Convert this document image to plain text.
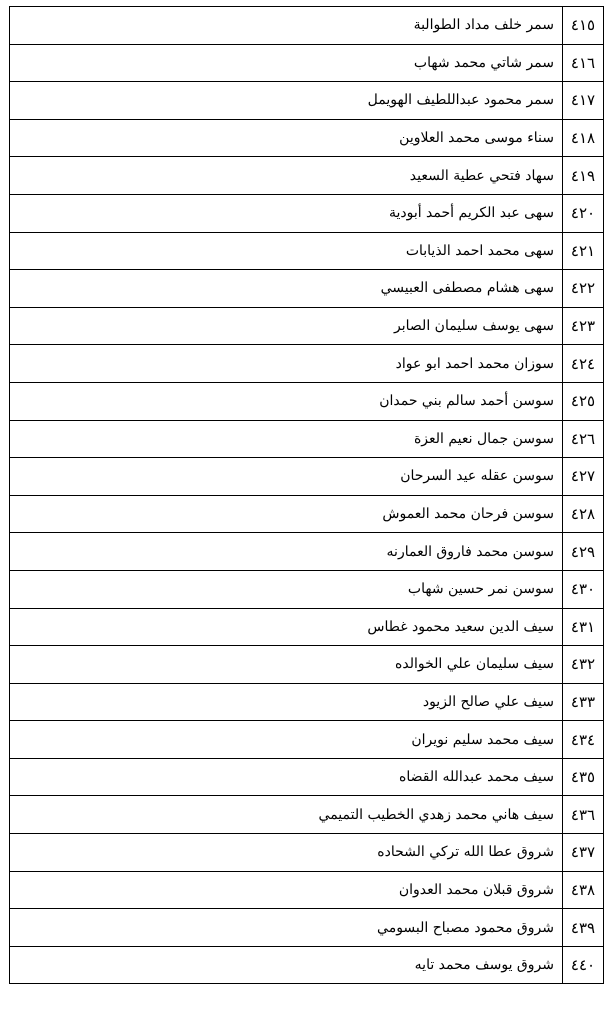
٤١٥	سمر خلف مداد الطوالبة
٤١٦	سمر شاتي محمد شهاب
٤١٧	سمر محمود عبداللطيف الهويمل
٤١٨	سناء موسى محمد العلاوين
٤١٩	سهاد فتحي عطية السعيد
٤٢٠	سهى عبد الكريم أحمد أبودية
٤٢١	سهى محمد احمد الذيابات
٤٢٢	سهى هشام مصطفى العبيسي
٤٢٣	سهى يوسف سليمان الصابر
٤٢٤	سوزان محمد احمد ابو عواد
٤٢٥	سوسن أحمد سالم بني حمدان
٤٢٦	سوسن جمال نعيم العزة
٤٢٧	سوسن عقله عيد السرحان
٤٢٨	سوسن فرحان محمد العموش
٤٢٩	سوسن محمد فاروق العمارنه
٤٣٠	سوسن نمر حسين شهاب
٤٣١	سيف الدين سعيد محمود غطاس
٤٣٢	سيف سليمان علي الخوالده
٤٣٣	سيف علي صالح الزيود
٤٣٤	سيف محمد سليم نويران
٤٣٥	سيف محمد عبدالله القضاه
٤٣٦	سيف هاني محمد زهدي الخطيب التميمي
٤٣٧	شروق عطا الله تركي الشحاده
٤٣٨	شروق قبلان محمد العدوان
٤٣٩	شروق محمود مصباح البسومي
٤٤٠	شروق يوسف محمد تايه
